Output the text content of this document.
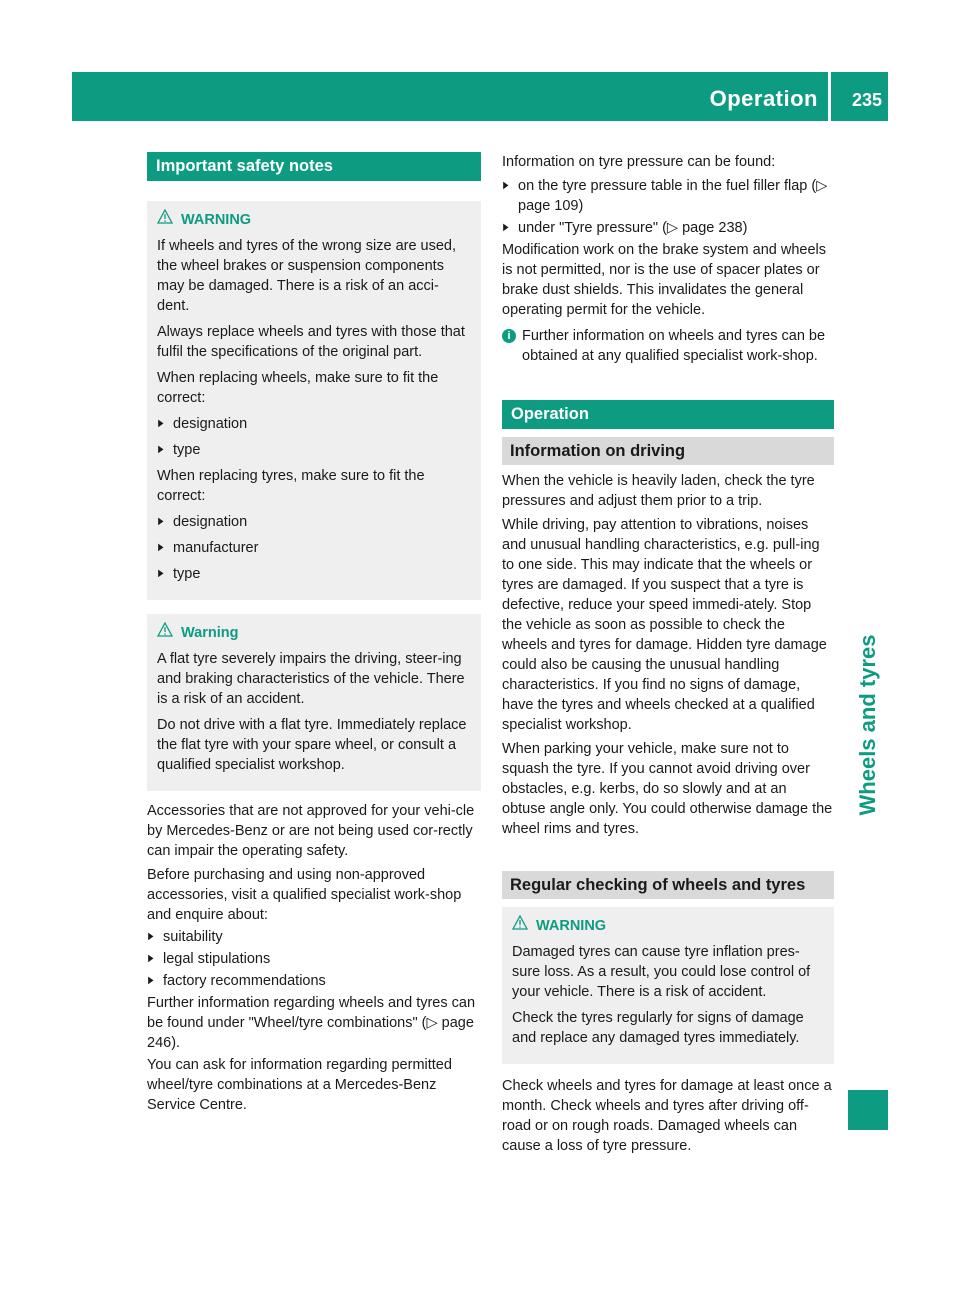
Operation 235
Wheels and tyres
Important safety notes
WARNING

If wheels and tyres of the wrong size are used, the wheel brakes or suspension components may be damaged. There is a risk of an acci-dent.

Always replace wheels and tyres with those that fulfil the specifications of the original part.

When replacing wheels, make sure to fit the correct:

▶ designation
▶ type

When replacing tyres, make sure to fit the correct:

▶ designation
▶ manufacturer
▶ type
Warning

A flat tyre severely impairs the driving, steer-ing and braking characteristics of the vehicle. There is a risk of an accident.

Do not drive with a flat tyre. Immediately replace the flat tyre with your spare wheel, or consult a qualified specialist workshop.

Accessories that are not approved for your vehi-cle by Mercedes-Benz or are not being used cor-rectly can impair the operating safety.

Before purchasing and using non-approved accessories, visit a qualified specialist work-shop and enquire about:

▶ suitability
▶ legal stipulations
▶ factory recommendations

Further information regarding wheels and tyres can be found under "Wheel/tyre combinations" (▷ page 246).

You can ask for information regarding permitted wheel/tyre combinations at a Mercedes-Benz Service Centre.

Information on tyre pressure can be found:

▶ on the tyre pressure table in the fuel filler flap (▷ page 109)
▶ under "Tyre pressure" (▷ page 238)

Modification work on the brake system and wheels is not permitted, nor is the use of spacer plates or brake dust shields. This invalidates the general operating permit for the vehicle.

i Further information on wheels and tyres can be obtained at any qualified specialist work-shop.
Operation
Information on driving

When the vehicle is heavily laden, check the tyre pressures and adjust them prior to a trip.

While driving, pay attention to vibrations, noises and unusual handling characteristics, e.g. pull-ing to one side. This may indicate that the wheels or tyres are damaged. If you suspect that a tyre is defective, reduce your speed immedi-ately. Stop the vehicle as soon as possible to check the wheels and tyres for damage. Hidden tyre damage could also be causing the unusual handling characteristics. If you find no signs of damage, have the tyres and wheels checked at a qualified specialist workshop.

When parking your vehicle, make sure not to squash the tyre. If you cannot avoid driving over obstacles, e.g. kerbs, do so slowly and at an obtuse angle only. You could otherwise damage the wheel rims and tyres.

Regular checking of wheels and tyres
WARNING

Damaged tyres can cause tyre inflation pres-sure loss. As a result, you could lose control of your vehicle. There is a risk of accident.

Check the tyres regularly for signs of damage and replace any damaged tyres immediately.

Check wheels and tyres for damage at least once a month. Check wheels and tyres after driving off-road or on rough roads. Damaged wheels can cause a loss of tyre pressure.
